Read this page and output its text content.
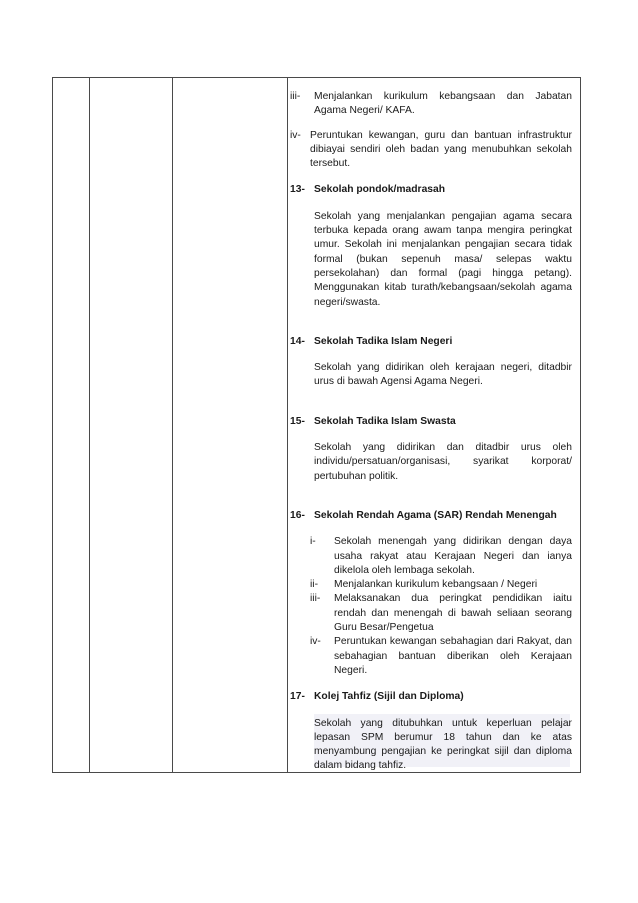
iii-	Menjalankan kurikulum kebangsaan dan Jabatan Agama Negeri/ KAFA.
iv- Peruntukan kewangan, guru dan bantuan infrastruktur dibiayai sendiri oleh badan yang menubuhkan sekolah tersebut.
13- Sekolah pondok/madrasah
Sekolah yang menjalankan pengajian agama secara terbuka kepada orang awam tanpa mengira peringkat umur. Sekolah ini menjalankan pengajian secara tidak formal (bukan sepenuh masa/ selepas waktu persekolahan) dan formal (pagi hingga petang). Menggunakan kitab turath/kebangsaan/sekolah agama negeri/swasta.
14- Sekolah Tadika Islam Negeri
Sekolah yang didirikan oleh kerajaan negeri, ditadbir urus di bawah Agensi Agama Negeri.
15- Sekolah Tadika Islam Swasta
Sekolah yang didirikan dan ditadbir urus oleh individu/persatuan/organisasi, syarikat korporat/ pertubuhan politik.
16- Sekolah Rendah Agama (SAR) Rendah Menengah
i-	Sekolah menengah yang didirikan dengan daya usaha rakyat atau Kerajaan Negeri dan ianya dikelola oleh lembaga sekolah.
ii-	Menjalankan kurikulum kebangsaan / Negeri
iii-	Melaksanakan dua peringkat pendidikan iaitu rendah dan menengah di bawah seliaan seorang Guru Besar/Pengetua
iv-	Peruntukan kewangan sebahagian dari Rakyat, dan sebahagian bantuan diberikan oleh Kerajaan Negeri.
17- Kolej Tahfiz (Sijil dan Diploma)
Sekolah yang ditubuhkan untuk keperluan pelajar lepasan SPM berumur 18 tahun dan ke atas menyambung pengajian ke peringkat sijil dan diploma dalam bidang tahfiz.
